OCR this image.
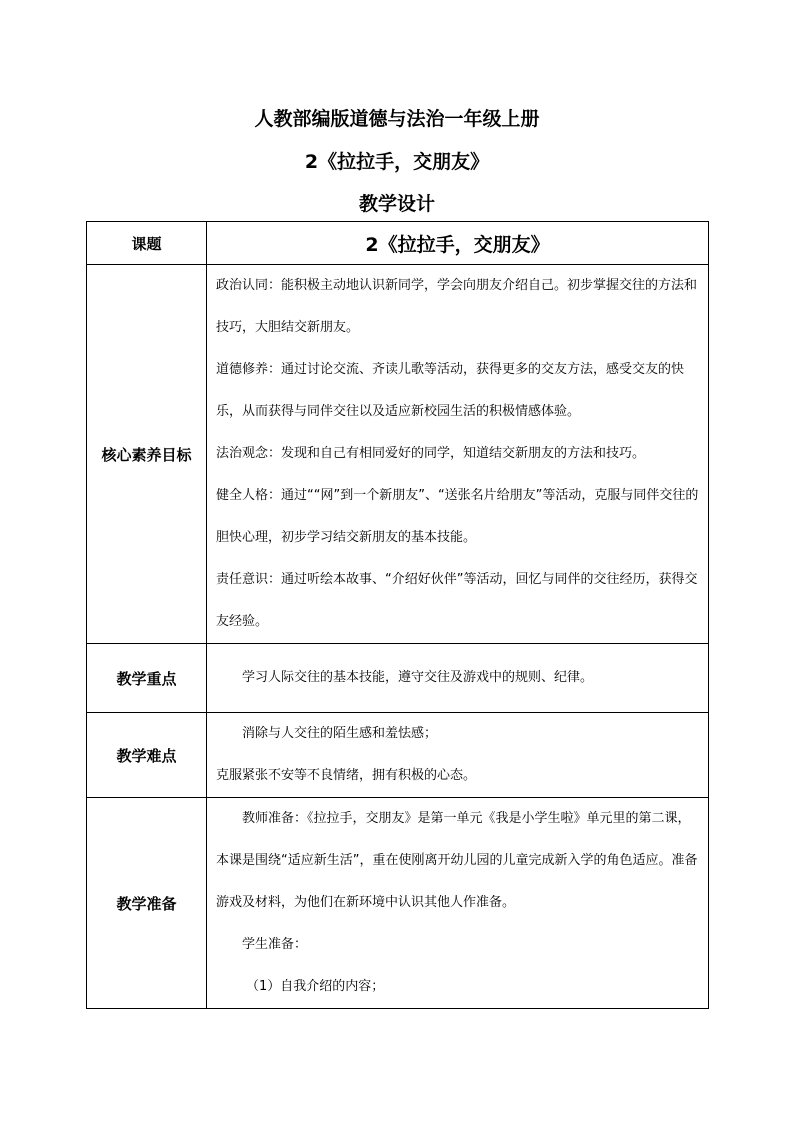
人教部编版道德与法治一年级上册

2《拉拉手，交朋友》

教学设计

课题	2《拉拉手，交朋友》
核心素养目标	政治认同：能积极主动地认识新同学，学会向朋友介绍自己。初步掌握交往的方法和技巧，大胆结交新朋友。

道德修养：通过讨论交流、齐读儿歌等活动，获得更多的交友方法，感受交友的快乐，从而获得与同伴交往以及适应新校园生活的积极情感体验。

法治观念：发现和自己有相同爱好的同学，知道结交新朋友的方法和技巧。

健全人格：通过““网”到一个新朋友”、“送张名片给朋友”等活动，克服与同伴交往的胆快心理，初步学习结交新朋友的基本技能。

责任意识：通过听绘本故事、“介绍好伙伴”等活动，回忆与同伴的交往经历，获得交友经验。

教学重点	学习人际交往的基本技能，遵守交往及游戏中的规则、纪律。

教学难点	消除与人交往的陌生感和羞怯感；

克服紧张不安等不良情绪，拥有积极的心态。

教学准备	教师准备：《拉拉手，交朋友》是第一单元《我是小学生啦》单元里的第二课，本课是围绕“适应新生活”，重在使刚离开幼儿园的儿童完成新入学的角色适应。准备游戏及材料，为他们在新环境中认识其他人作准备。

学生准备：

（1）自我介绍的内容；
